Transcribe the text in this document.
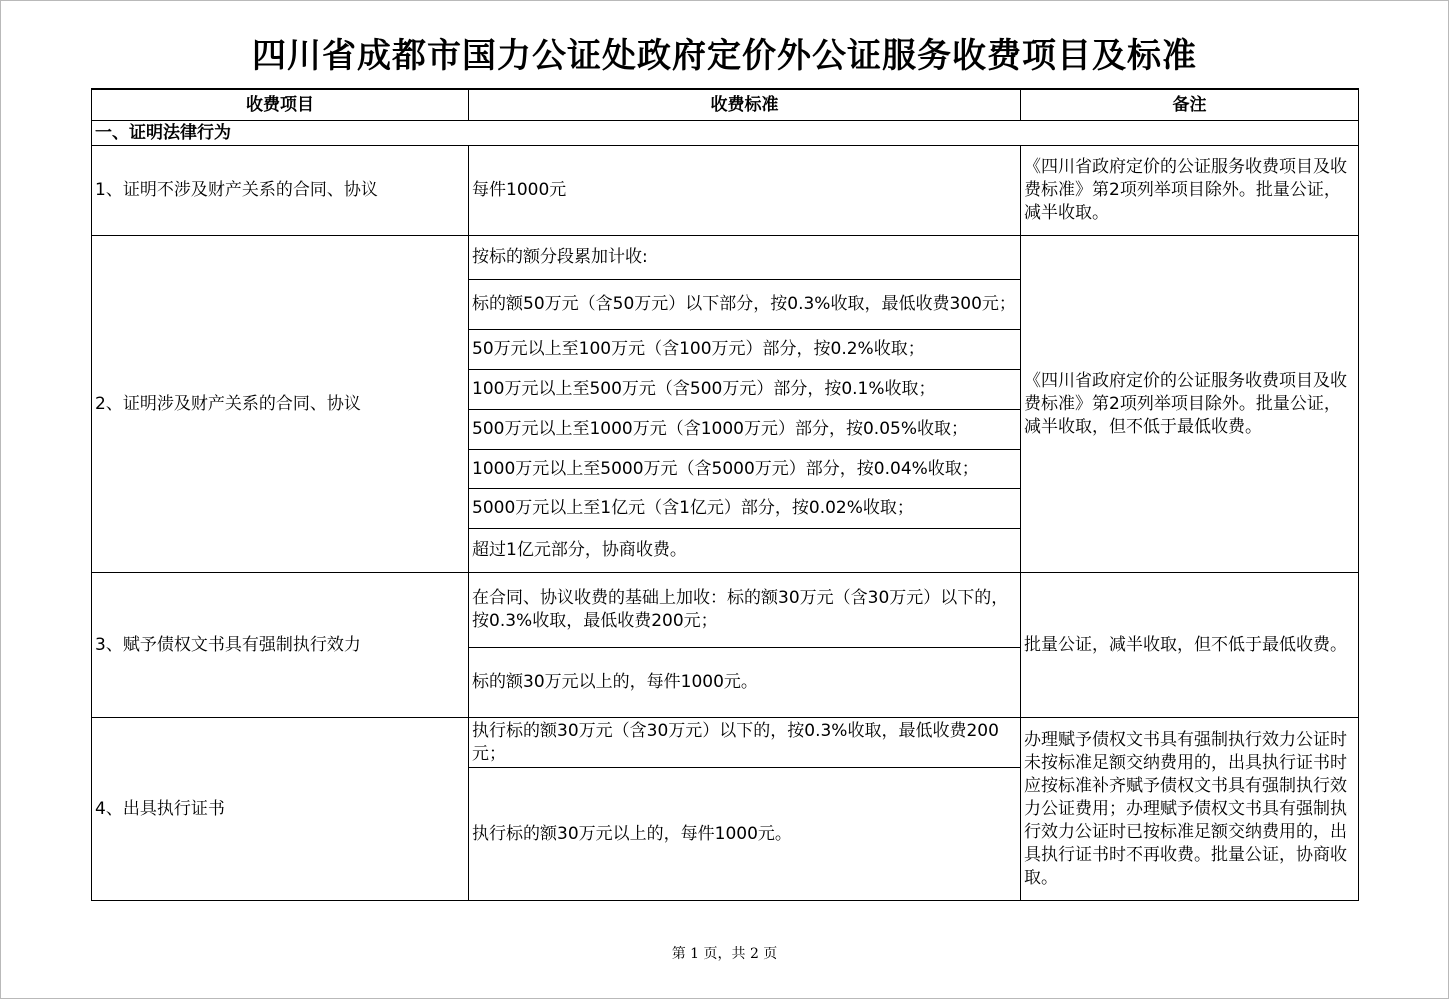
四川省成都市国力公证处政府定价外公证服务收费项目及标准
收费项目	收费标准	备注
一、证明法律行为		
1、证明不涉及财产关系的合同、协议	每件1000元	《四川省政府定价的公证服务收费项目及收费标准》第2项列举项目除外。批量公证，减半收取。
2、证明涉及财产关系的合同、协议	按标的额分段累加计收:	《四川省政府定价的公证服务收费项目及收费标准》第2项列举项目除外。批量公证，减半收取，但不低于最低收费。
	标的额50万元（含50万元）以下部分，按0.3%收取，最低收费300元；	
	50万元以上至100万元（含100万元）部分，按0.2%收取；	
	100万元以上至500万元（含500万元）部分，按0.1%收取；	
	500万元以上至1000万元（含1000万元）部分，按0.05%收取；	
	1000万元以上至5000万元（含5000万元）部分，按0.04%收取；	
	5000万元以上至1亿元（含1亿元）部分，按0.02%收取；	
	超过1亿元部分，协商收费。	
3、赋予债权文书具有强制执行效力	在合同、协议收费的基础上加收：标的额30万元（含30万元）以下的，按0.3%收取，最低收费200元；	批量公证，减半收取，但不低于最低收费。
	标的额30万元以上的，每件1000元。	
4、出具执行证书	执行标的额30万元（含30万元）以下的，按0.3%收取，最低收费200元；	办理赋予债权文书具有强制执行效力公证时未按标准足额交纳费用的，出具执行证书时应按标准补齐赋予债权文书具有强制执行效力公证费用；办理赋予债权文书具有强制执行效力公证时已按标准足额交纳费用的，出具执行证书时不再收费。批量公证，协商收取。
	执行标的额30万元以上的，每件1000元。	
第 1 页，共 2 页
